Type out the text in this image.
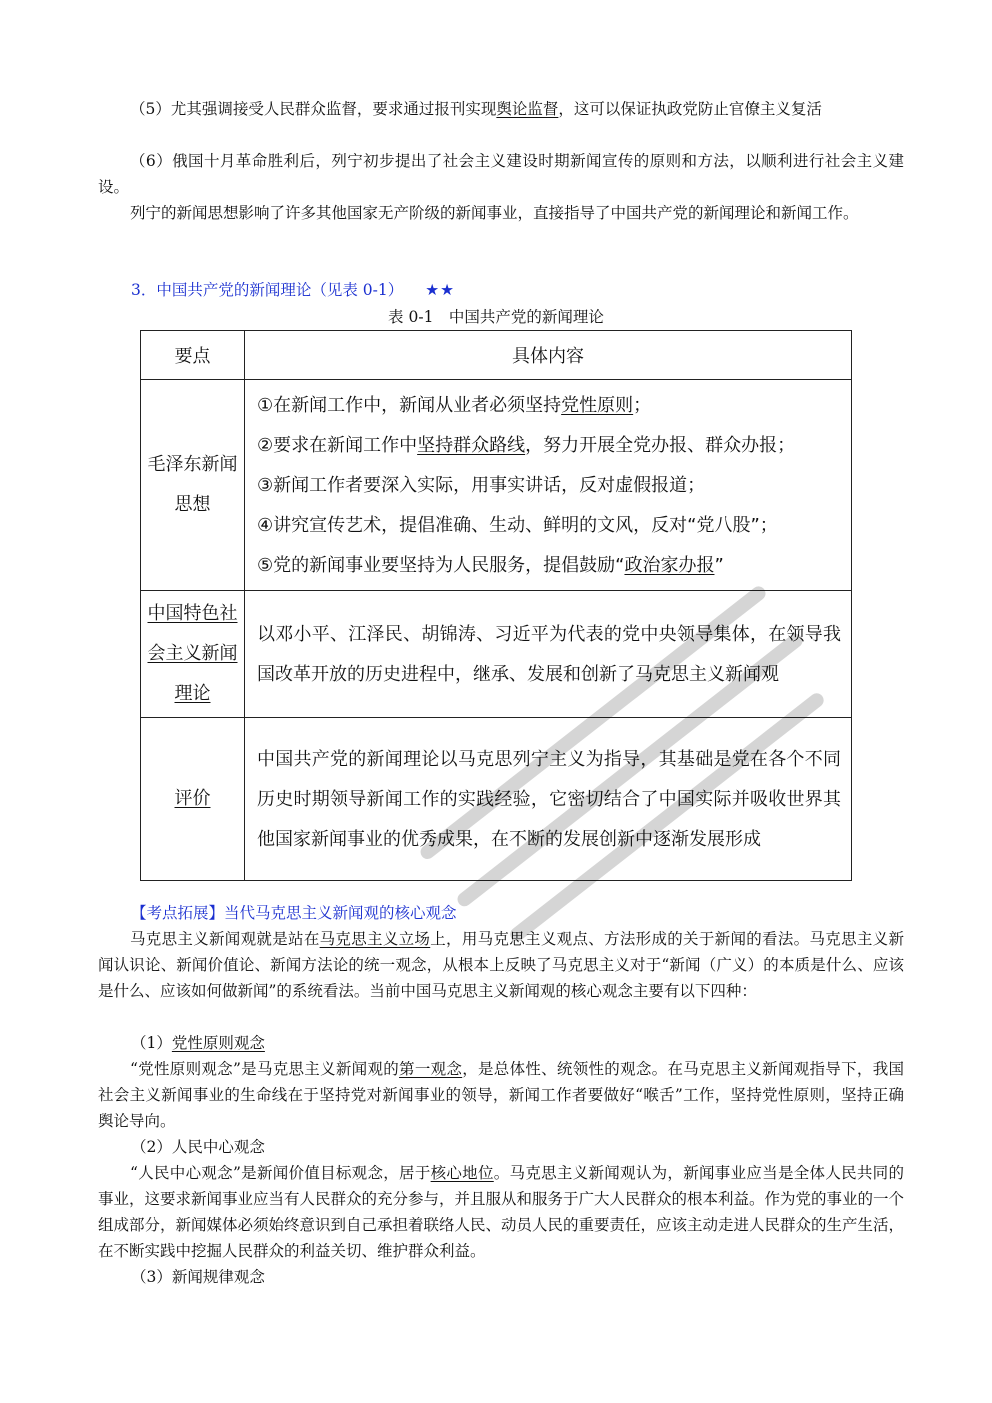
（5）尤其强调接受人民群众监督，要求通过报刊实现舆论监督，这可以保证执政党防止官僚主义复活

（6）俄国十月革命胜利后，列宁初步提出了社会主义建设时期新闻宣传的原则和方法，以顺利进行社会主义建设。

列宁的新闻思想影响了许多其他国家无产阶级的新闻事业，直接指导了中国共产党的新闻理论和新闻工作。

3．中国共产党的新闻理论（见表 0-1） ★★
表 0-1　中国共产党的新闻理论
要点	具体内容
毛泽东新闻思想	①在新闻工作中，新闻从业者必须坚持党性原则；
②要求在新闻工作中坚持群众路线，努力开展全党办报、群众办报；
③新闻工作者要深入实际，用事实讲话，反对虚假报道；
④讲究宣传艺术，提倡准确、生动、鲜明的文风，反对“党八股”；
⑤党的新闻事业要坚持为人民服务，提倡鼓励“政治家办报”

中国特色社会主义新闻理论	以邓小平、江泽民、胡锦涛、习近平为代表的党中央领导集体，在领导我国改革开放的历史进程中，继承、发展和创新了马克思主义新闻观
评价	中国共产党的新闻理论以马克思列宁主义为指导，其基础是党在各个不同历史时期领导新闻工作的实践经验，它密切结合了中国实际并吸收世界其他国家新闻事业的优秀成果，在不断的发展创新中逐渐发展形成
【考点拓展】当代马克思主义新闻观的核心观念

马克思主义新闻观就是站在马克思主义立场上，用马克思主义观点、方法形成的关于新闻的看法。马克思主义新闻认识论、新闻价值论、新闻方法论的统一观念，从根本上反映了马克思主义对于“新闻（广义）的本质是什么、应该是什么、应该如何做新闻”的系统看法。当前中国马克思主义新闻观的核心观念主要有以下四种：

（1）党性原则观念

“党性原则观念”是马克思主义新闻观的第一观念，是总体性、统领性的观念。在马克思主义新闻观指导下，我国社会主义新闻事业的生命线在于坚持党对新闻事业的领导，新闻工作者要做好“喉舌”工作，坚持党性原则，坚持正确舆论导向。

（2）人民中心观念

“人民中心观念”是新闻价值目标观念，居于核心地位。马克思主义新闻观认为，新闻事业应当是全体人民共同的事业，这要求新闻事业应当有人民群众的充分参与，并且服从和服务于广大人民群众的根本利益。作为党的事业的一个组成部分，新闻媒体必须始终意识到自己承担着联络人民、动员人民的重要责任，应该主动走进人民群众的生产生活，在不断实践中挖掘人民群众的利益关切、维护群众利益。

（3）新闻规律观念
